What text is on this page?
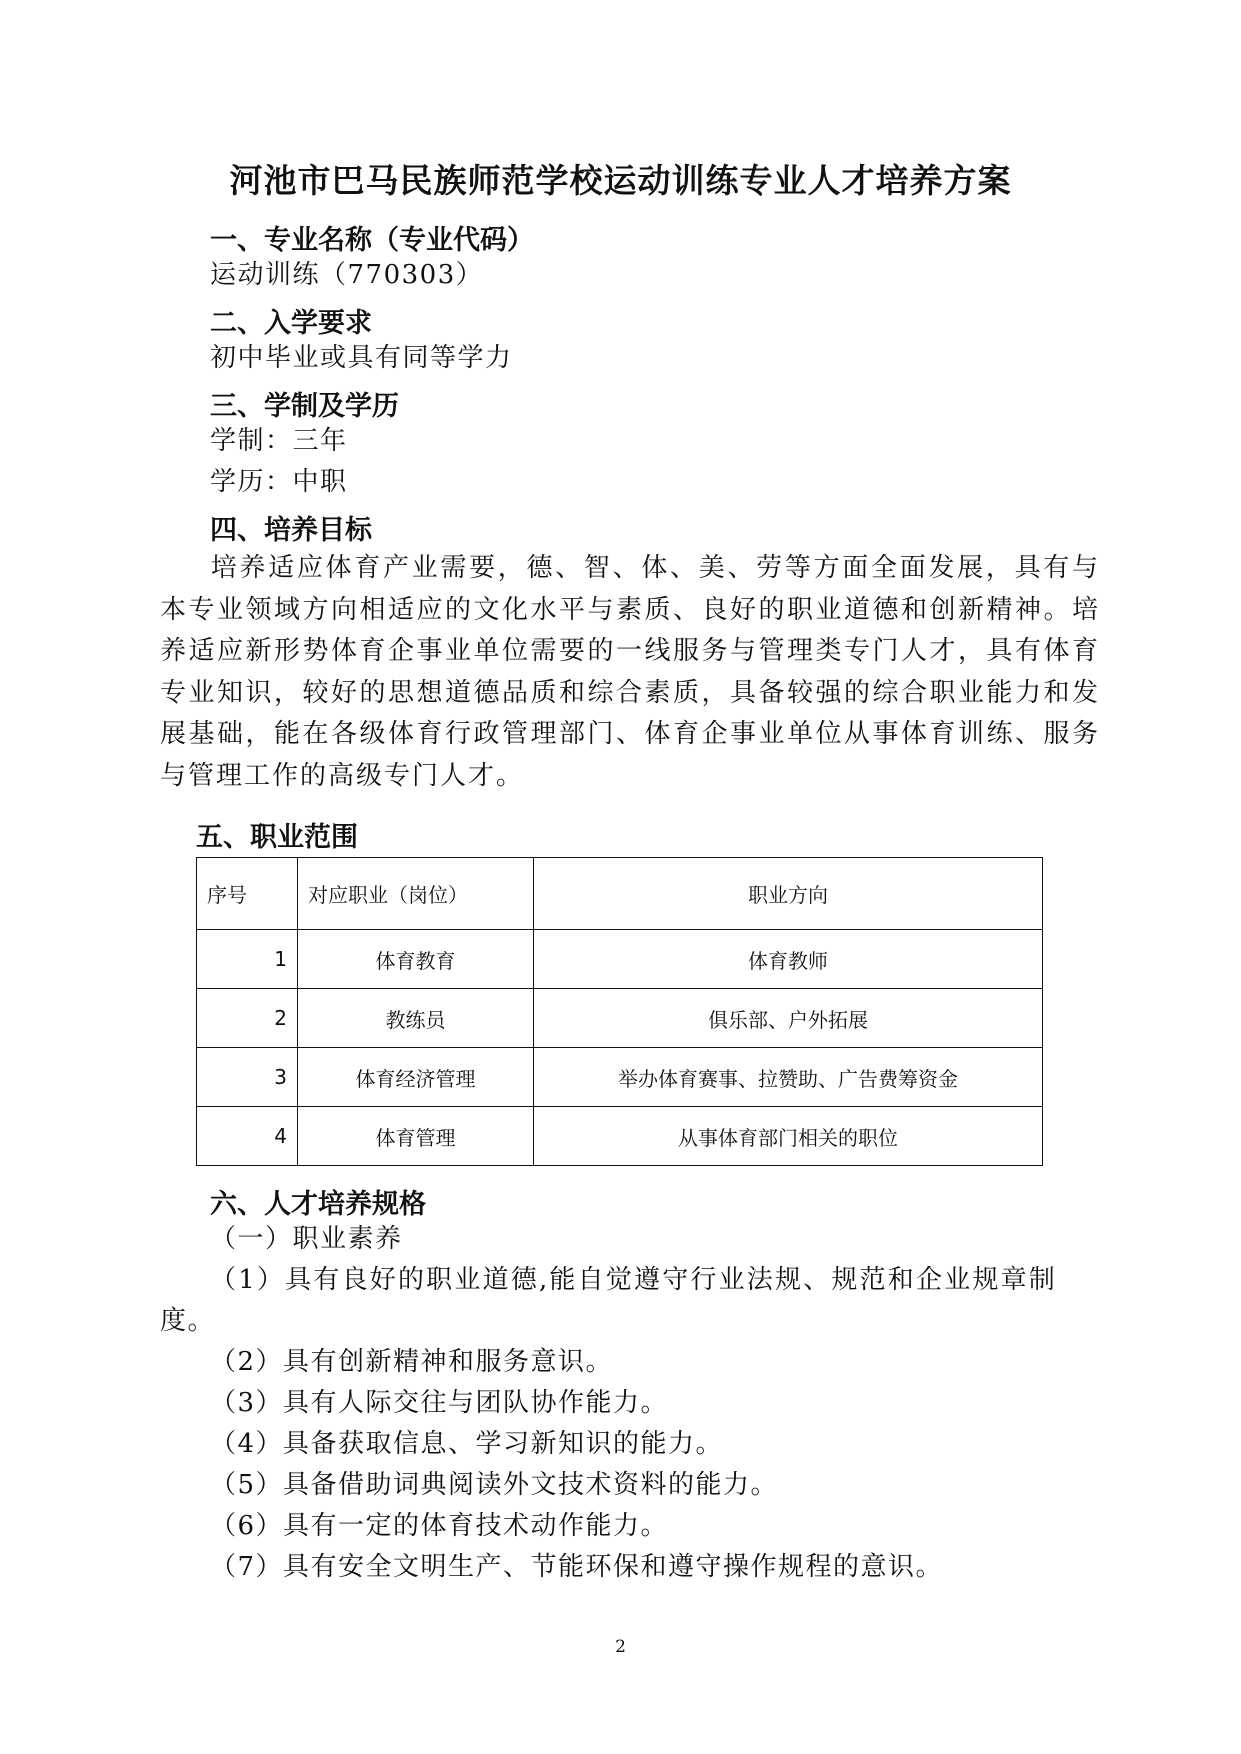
河池市巴马民族师范学校运动训练专业人才培养方案
一、专业名称（专业代码）
运动训练（770303）
二、入学要求
初中毕业或具有同等学力
三、学制及学历
学制：三年
学历：中职
四、培养目标
培养适应体育产业需要，德、智、体、美、劳等方面全面发展，具有与本专业领域方向相适应的文化水平与素质、良好的职业道德和创新精神。培养适应新形势体育企事业单位需要的一线服务与管理类专门人才，具有体育专业知识，较好的思想道德品质和综合素质，具备较强的综合职业能力和发展基础，能在各级体育行政管理部门、体育企事业单位从事体育训练、服务与管理工作的高级专门人才。
五、职业范围
序号	对应职业（岗位）	职业方向
1	体育教育	体育教师
2	教练员	俱乐部、户外拓展
3	体育经济管理	举办体育赛事、拉赞助、广告费筹资金
4	体育管理	从事体育部门相关的职位
六、人才培养规格
（一）职业素养
（1）具有良好的职业道德,能自觉遵守行业法规、规范和企业规章制
度。
（2）具有创新精神和服务意识。
（3）具有人际交往与团队协作能力。
（4）具备获取信息、学习新知识的能力。
（5）具备借助词典阅读外文技术资料的能力。
（6）具有一定的体育技术动作能力。
（7）具有安全文明生产、节能环保和遵守操作规程的意识。
2
